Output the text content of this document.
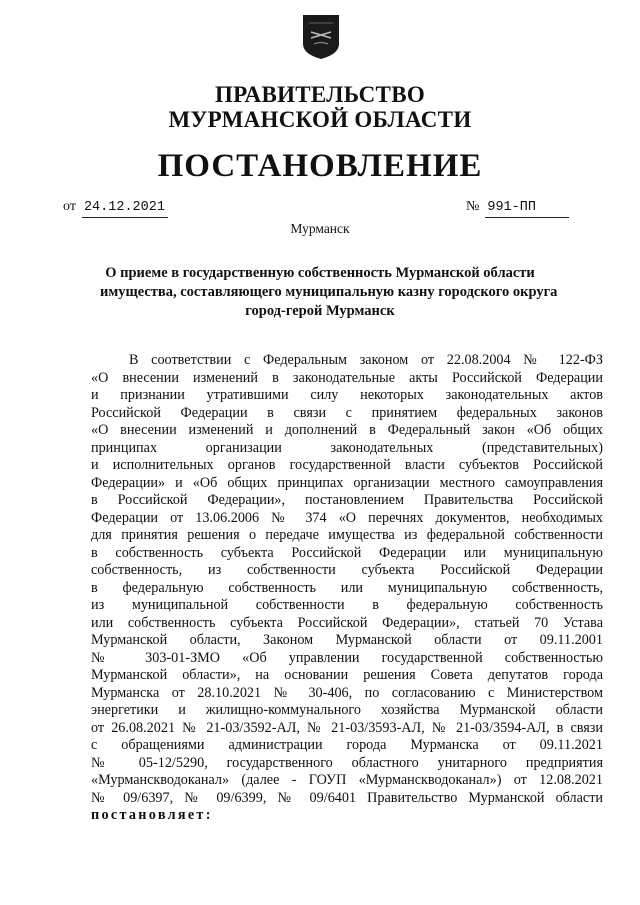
ПРАВИТЕЛЬСТВО
МУРМАНСКОЙ ОБЛАСТИ
ПОСТАНОВЛЕНИЕ
от 24.12.2021	№ 991-ПП
Мурманск
О приеме в государственную собственность Мурманской области
имущества, составляющего муниципальную казну городского округа
город-герой Мурманск
В соответствии с Федеральным законом от 22.08.2004 № 122-ФЗ
«О внесении изменений в законодательные акты Российской Федерации
и признании утратившими силу некоторых законодательных актов
Российской Федерации в связи с принятием федеральных законов
«О внесении изменений и дополнений в Федеральный закон «Об общих
принципах организации законодательных (представительных)
и исполнительных органов государственной власти субъектов Российской
Федерации» и «Об общих принципах организации местного самоуправления
в Российской Федерации», постановлением Правительства Российской
Федерации от 13.06.2006 № 374 «О перечнях документов, необходимых
для принятия решения о передаче имущества из федеральной собственности
в собственность субъекта Российской Федерации или муниципальную
собственность, из собственности субъекта Российской Федерации
в федеральную собственность или муниципальную собственность,
из муниципальной собственности в федеральную собственность
или собственность субъекта Российской Федерации», статьей 70 Устава
Мурманской области, Законом Мурманской области от 09.11.2001
№ 303-01-ЗМО «Об управлении государственной собственностью
Мурманской области», на основании решения Совета депутатов города
Мурманска от 28.10.2021 № 30-406, по согласованию с Министерством
энергетики и жилищно-коммунального хозяйства Мурманской области
от 26.08.2021 № 21-03/3592-АЛ, № 21-03/3593-АЛ, № 21-03/3594-АЛ, в связи
с обращениями администрации города Мурманска от 09.11.2021
№ 05-12/5290, государственного областного унитарного предприятия
«Мурманскводоканал» (далее - ГОУП «Мурманскводоканал») от 12.08.2021
№ 09/6397, № 09/6399, № 09/6401 Правительство Мурманской области
постановляет:
